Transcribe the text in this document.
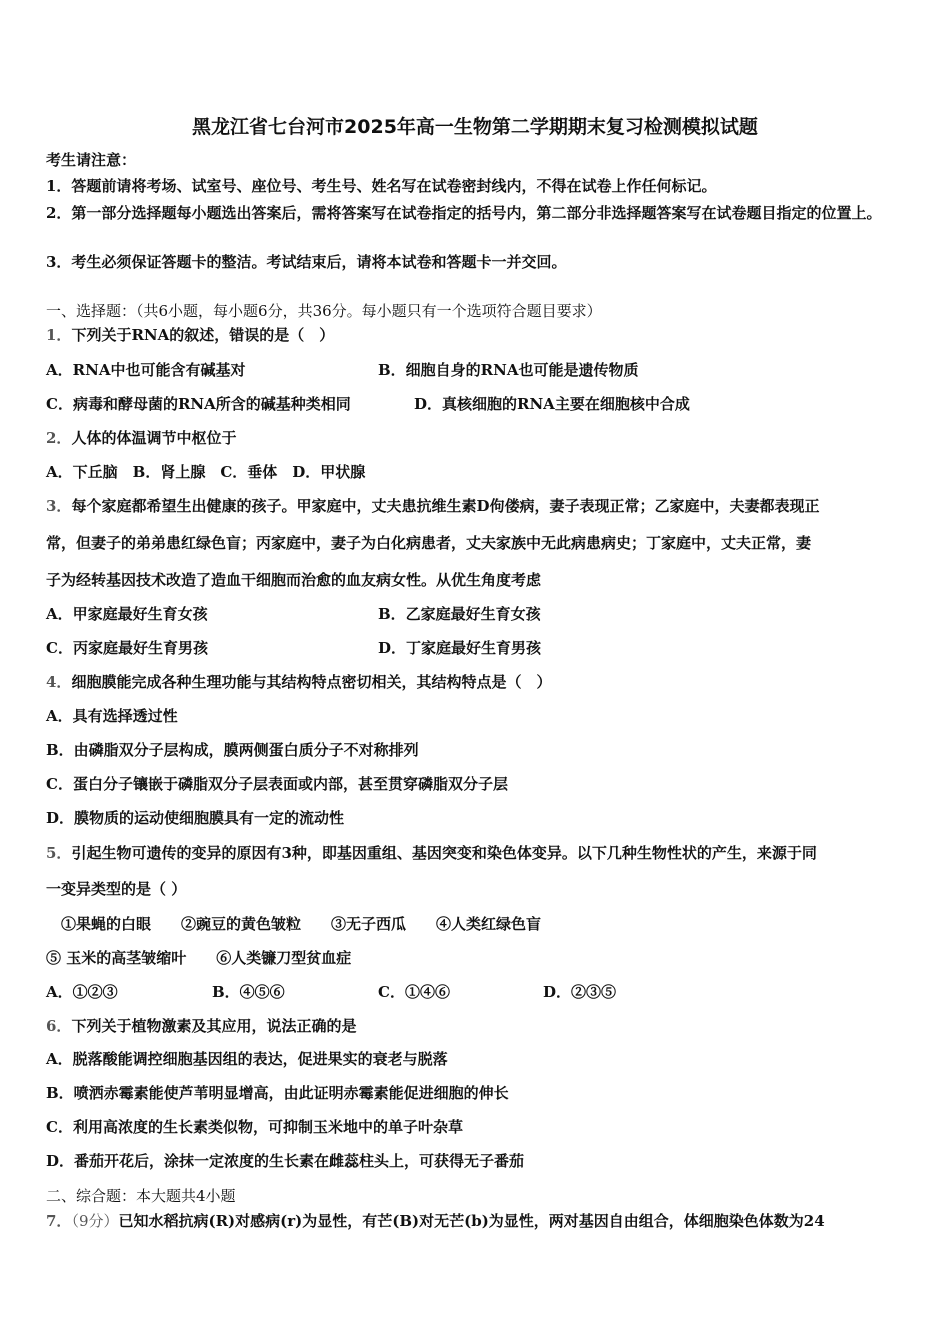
黑龙江省七台河市2025年高一生物第二学期期末复习检测模拟试题
考生请注意：
1．答题前请将考场、试室号、座位号、考生号、姓名写在试卷密封线内，不得在试卷上作任何标记。
2．第一部分选择题每小题选出答案后，需将答案写在试卷指定的括号内，第二部分非选择题答案写在试卷题目指定的位置上。
3．考生必须保证答题卡的整洁。考试结束后，请将本试卷和答题卡一并交回。
一、选择题：（共6小题，每小题6分，共36分。每小题只有一个选项符合题目要求）
1．下列关于RNA的叙述，错误的是（　）
A．RNA中也可能含有碱基对	B．细胞自身的RNA也可能是遗传物质
C．病毒和酵母菌的RNA所含的碱基种类相同	D．真核细胞的RNA主要在细胞核中合成
2．人体的体温调节中枢位于
A．下丘脑　B．肾上腺　C．垂体　D．甲状腺
3．每个家庭都希望生出健康的孩子。甲家庭中，丈夫患抗维生素D佝偻病，妻子表现正常；乙家庭中，夫妻都表现正
常，但妻子的弟弟患红绿色盲；丙家庭中，妻子为白化病患者，丈夫家族中无此病患病史；丁家庭中，丈夫正常，妻
子为经转基因技术改造了造血干细胞而治愈的血友病女性。从优生角度考虑
A．甲家庭最好生育女孩	B．乙家庭最好生育女孩
C．丙家庭最好生育男孩	D．丁家庭最好生育男孩
4．细胞膜能完成各种生理功能与其结构特点密切相关，其结构特点是（　）
A．具有选择透过性
B．由磷脂双分子层构成，膜两侧蛋白质分子不对称排列
C．蛋白分子镶嵌于磷脂双分子层表面或内部，甚至贯穿磷脂双分子层
D．膜物质的运动使细胞膜具有一定的流动性
5．引起生物可遗传的变异的原因有3种，即基因重组、基因突变和染色体变异。以下几种生物性状的产生，来源于同
一变异类型的是（ ）
　①果蝇的白眼　　②豌豆的黄色皱粒　　③无子西瓜　　④人类红绿色盲
⑤ 玉米的高茎皱缩叶　　⑥人类镰刀型贫血症
A．①②③	B．④⑤⑥	C．①④⑥	D．②③⑤
6．下列关于植物激素及其应用，说法正确的是
A．脱落酸能调控细胞基因组的表达，促进果实的衰老与脱落
B．喷洒赤霉素能使芦苇明显增高，由此证明赤霉素能促进细胞的伸长
C．利用高浓度的生长素类似物，可抑制玉米地中的单子叶杂草
D．番茄开花后，涂抹一定浓度的生长素在雌蕊柱头上，可获得无子番茄
二、综合题：本大题共4小题
7．（9分）已知水稻抗病(R)对感病(r)为显性，有芒(B)对无芒(b)为显性，两对基因自由组合，体细胞染色体数为24
